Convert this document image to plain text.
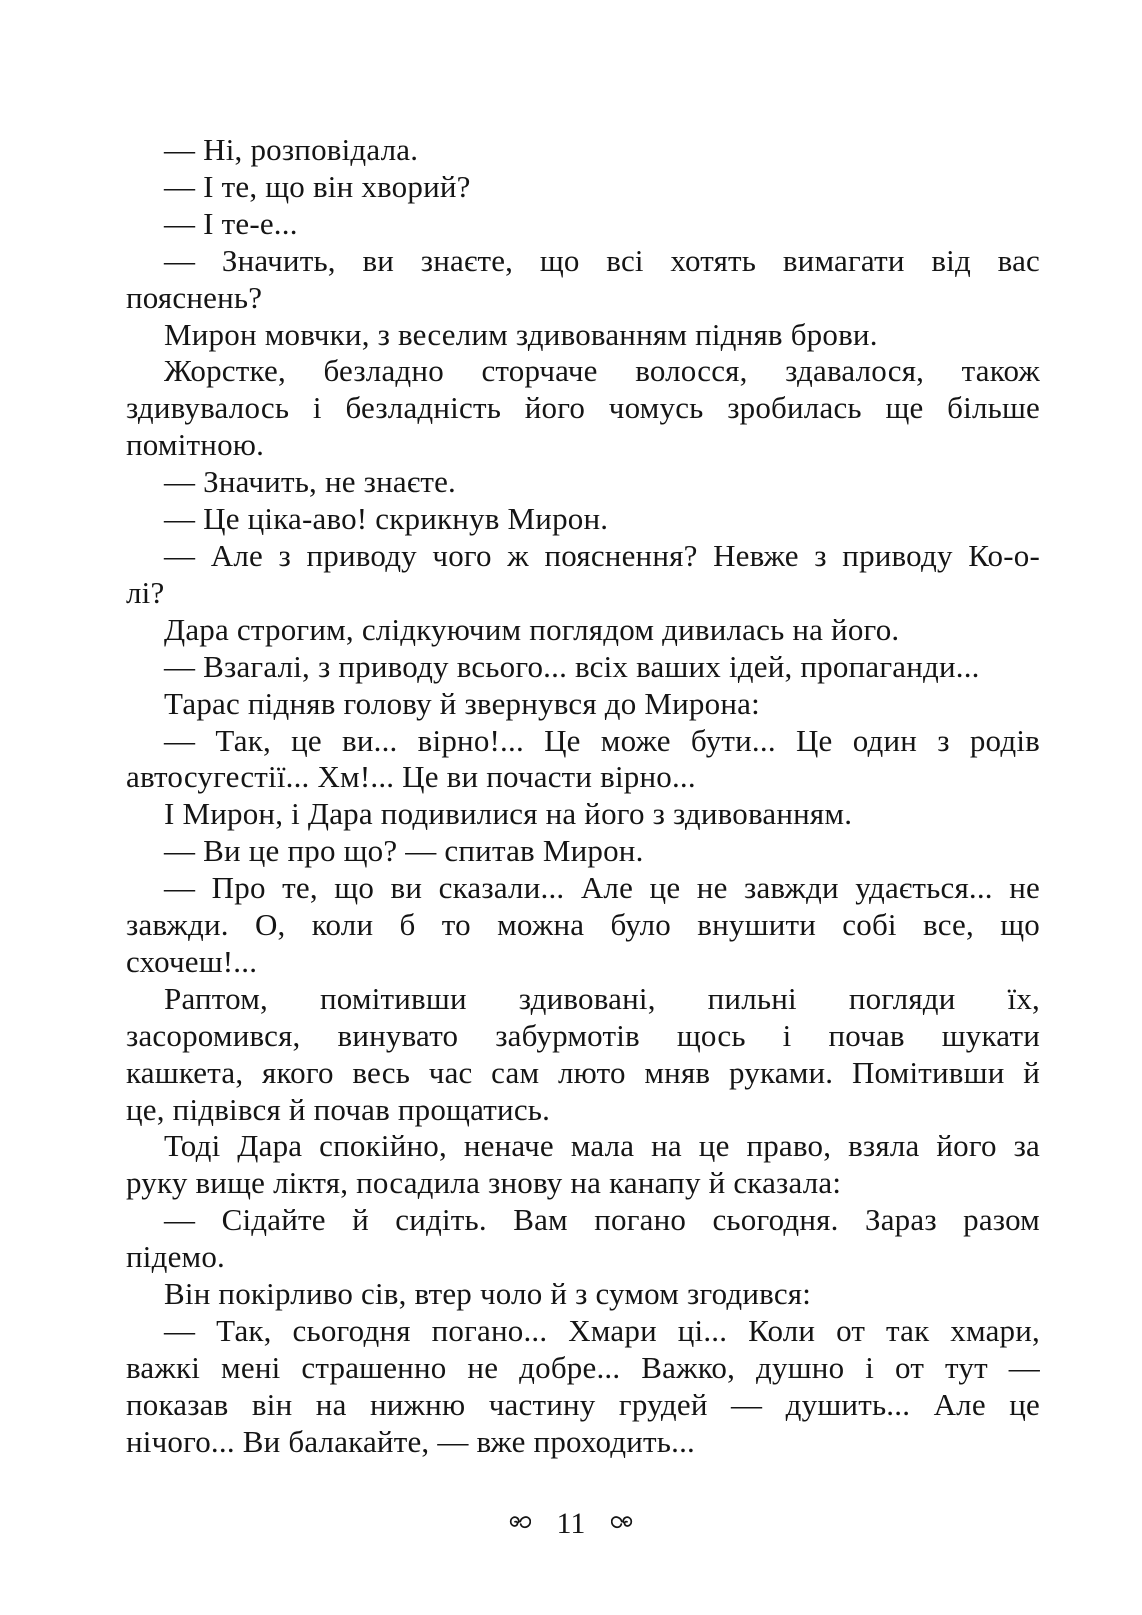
— Ні, розповідала.
— І те, що він хворий?
— І те-е...
— Значить, ви знаєте, що всі хотять вимагати від вас
пояснень?
Мирон мовчки, з веселим здивованням підняв брови.
Жорстке, безладно сторчаче волосся, здавалося, також
здивувалось і безладність його чомусь зробилась ще більше
помітною.
— Значить, не знаєте.
— Це ціка-аво! скрикнув Мирон.
— Але з приводу чого ж пояснення? Невже з приводу Ко-о-
лі?
Дара строгим, слідкуючим поглядом дивилась на його.
— Взагалі, з приводу всього... всіх ваших ідей, пропаганди...
Тарас підняв голову й звернувся до Мирона:
— Так, це ви... вірно!... Це може бути... Це один з родів
автосугестії... Хм!... Це ви почасти вірно...
І Мирон, і Дара подивилися на його з здивованням.
— Ви це про що? — спитав Мирон.
— Про те, що ви сказали... Але це не завжди удається... не
завжди. О, коли б то можна було внушити собі все, що
схочеш!...
Раптом, помітивши здивовані, пильні погляди їх,
засоромився, винувато забурмотів щось і почав шукати
кашкета, якого весь час сам люто мняв руками. Помітивши й
це, підвівся й почав прощатись.
Тоді Дара спокійно, неначе мала на це право, взяла його за
руку вище ліктя, посадила знову на канапу й сказала:
— Сідайте й сидіть. Вам погано сьогодня. Зараз разом
підемо.
Він покірливо сів, втер чоло й з сумом згодився:
— Так, сьогодня погано... Хмари ці... Коли от так хмари,
важкі мені страшенно не добре... Важко, душно і от тут —
показав він на нижню частину грудей — душить... Але це
нічого... Ви балакайте, — вже проходить...
11
